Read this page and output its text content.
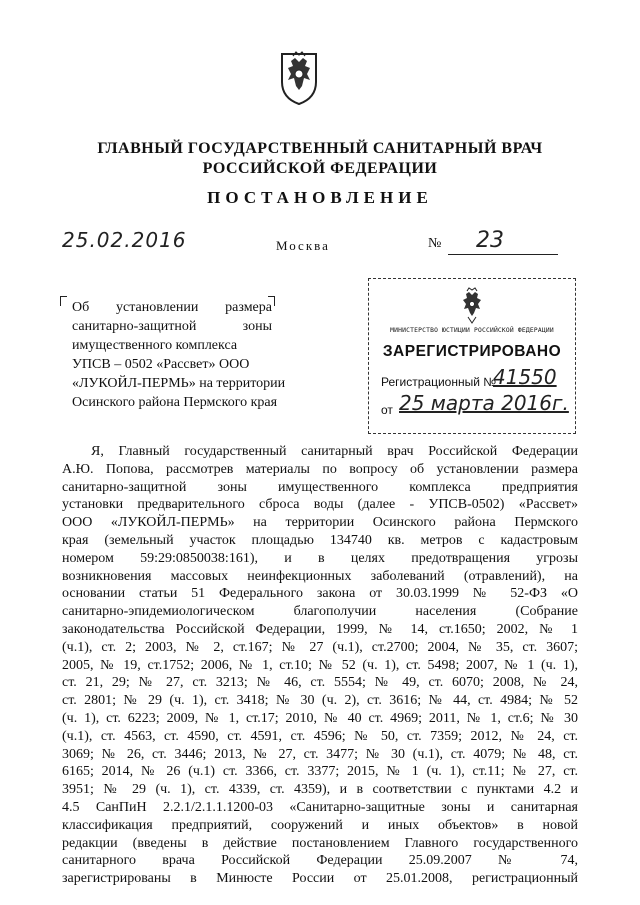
ГЛАВНЫЙ ГОСУДАРСТВЕННЫЙ САНИТАРНЫЙ ВРАЧ
РОССИЙСКОЙ ФЕДЕРАЦИИ
ПОСТАНОВЛЕНИЕ
25.02.2016	Москва	№ 23
Об установлении размера
санитарно-защитной зоны
имущественного комплекса
УПСВ – 0502 «Рассвет» ООО
«ЛУКОЙЛ-ПЕРМЬ» на территории
Осинского района Пермского края
МИНИСТЕРСТВО ЮСТИЦИИ РОССИЙСКОЙ ФЕДЕРАЦИИ
ЗАРЕГИСТРИРОВАНО
Регистрационный №
41550
от 25 марта 2016г.
Я, Главный государственный санитарный врач Российской Федерации
А.Ю. Попова, рассмотрев материалы по вопросу об установлении размера
санитарно-защитной зоны имущественного комплекса предприятия
установки предварительного сброса воды (далее - УПСВ-0502) «Рассвет»
ООО «ЛУКОЙЛ-ПЕРМЬ» на территории Осинского района Пермского
края (земельный участок площадью 134740 кв. метров с кадастровым
номером 59:29:0850038:161), и в целях предотвращения угрозы
возникновения массовых неинфекционных заболеваний (отравлений), на
основании статьи 51 Федерального закона от 30.03.1999 № 52-ФЗ «О
санитарно-эпидемиологическом благополучии населения (Собрание
законодательства Российской Федерации, 1999, № 14, ст.1650; 2002, № 1
(ч.1), ст. 2; 2003, № 2, ст.167; № 27 (ч.1), ст.2700; 2004, № 35, ст. 3607;
2005, № 19, ст.1752; 2006, № 1, ст.10; № 52 (ч. 1), ст. 5498; 2007, № 1 (ч. 1),
ст. 21, 29; № 27, ст. 3213; № 46, ст. 5554; № 49, ст. 6070; 2008, № 24,
ст. 2801; № 29 (ч. 1), ст. 3418; № 30 (ч. 2), ст. 3616; № 44, ст. 4984; № 52
(ч. 1), ст. 6223; 2009, № 1, ст.17; 2010, № 40 ст. 4969; 2011, № 1, ст.6; № 30
(ч.1), ст. 4563, ст. 4590, ст. 4591, ст. 4596; № 50, ст. 7359; 2012, № 24, ст.
3069; № 26, ст. 3446; 2013, № 27, ст. 3477; № 30 (ч.1), ст. 4079; № 48, ст.
6165; 2014, № 26 (ч.1) ст. 3366, ст. 3377; 2015, № 1 (ч. 1), ст.11; № 27, ст.
3951; № 29 (ч. 1), ст. 4339, ст. 4359), и в соответствии с пунктами 4.2 и
4.5 СанПиН 2.2.1/2.1.1.1200-03 «Санитарно-защитные зоны и санитарная
классификация предприятий, сооружений и иных объектов» в новой
редакции (введены в действие постановлением Главного государственного
санитарного врача Российской Федерации 25.09.2007 № 74,
зарегистрированы в Минюсте России от 25.01.2008, регистрационный
